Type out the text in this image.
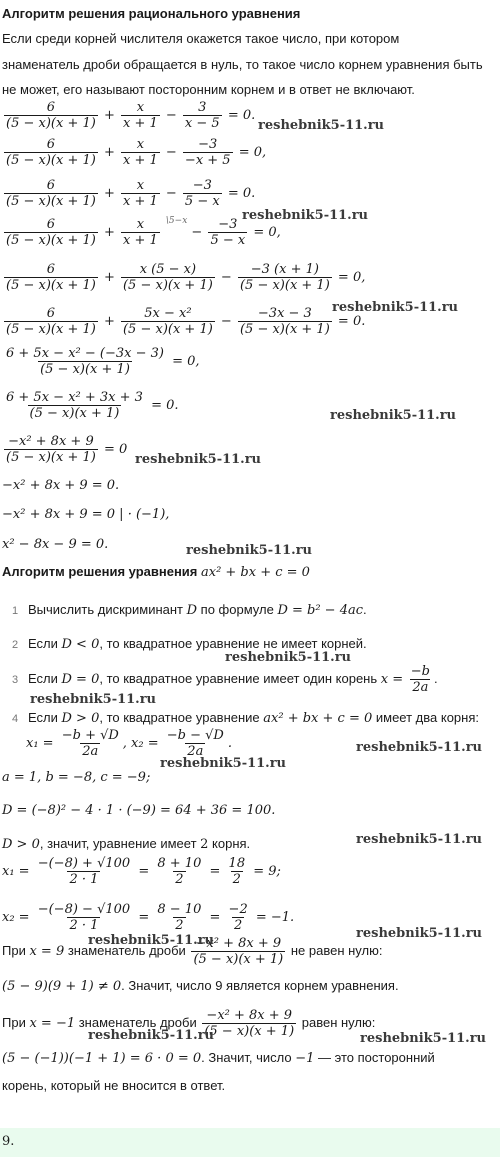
Алгоритм решения рационального уравнения
Если среди корней числителя окажется такое число, при котором
знаменатель дроби обращается в нуль, то такое число корнем уравнения быть
не может, его называют посторонним корнем и в ответ не включают.
$\frac{6}{(5 - x)(x + 1)} + \frac{x}{x + 1} - \frac{3}{x - 5} = 0$.
$\frac{6}{(5 - x)(x + 1)} + \frac{x}{x + 1} - \frac{-3}{-x + 5} = 0$,
$\frac{6}{(5 - x)(x + 1)} + \frac{x}{x + 1} - \frac{-3}{5 - x} = 0$.
$\frac{6}{(5 - x)(x + 1)} + \frac{x}{x + 1} ^{\backslash 5-x} - \frac{-3}{5 - x} = 0$,
$\frac{6}{(5 - x)(x + 1)} + \frac{x (5 - x)}{(5 - x)(x + 1)} - \frac{-3 (x + 1)}{(5 - x)(x + 1)} = 0$,
$\frac{6}{(5 - x)(x + 1)} + \frac{\text{5x − x²}}{(5 - x)(x + 1)} - \frac{-3x - 3}{(5 - x)(x + 1)} = 0$.
$\frac{\text{6 + 5x − x² − (−3x − 3)}}{(5 - x)(x + 1)} = 0$,
$\frac{\text{6 + 5x − x² + 3x + 3}}{(5 - x)(x + 1)} = 0$.
$\frac{\text{−x² + 8x + 9}}{(5 - x)(x + 1)} = 0$
−x² + 8x + 9 = 0.
−x² + 8x + 9 = 0 | · (−1),
x² − 8x − 9 = 0.
Алгоритм решения уравнения ax² + bx + c = 0
1 Вычислить дискриминант D по формуле D = b² − 4ac.
2 Если D < 0, то квадратное уравнение не имеет корней.
3 Если D = 0, то квадратное уравнение имеет один корень $x = \frac{-b}{2a}$ .
4 Если D > 0, то квадратное уравнение ax² + bx + c = 0 имеет два корня:
$x_1 = \frac{-b + √D}{2a}$ , $x_2 = \frac{-b - √D}{2a}$ .
a = 1, b = −8, c = −9;
D = (−8)² − 4 · 1 · (−9) = 64 + 36 = 100.
D > 0, значит, уравнение имеет 2 корня.
$x_1 = \frac{-(-8) + √100}{2 \cdot 1} = \frac{8 + 10}{2} = \frac{18}{2} = 9$;
$x_2 = \frac{-(-8) - √100}{2 \cdot 1} = \frac{8 - 10}{2} = \frac{-2}{2} = -1$.
При x = 9 знаменатель дроби $\frac{\text{−x² + 8x + 9}}{(5 - x)(x + 1)}$ не равен нулю:
(5 − 9)(9 + 1) ≠ 0. Значит, число 9 является корнем уравнения.
При x = −1 знаменатель дроби $\frac{\text{−x² + 8x + 9}}{(5 - x)(x + 1)}$ равен нулю:
(5 − (−1))(−1 + 1) = 6 · 0 = 0. Значит, число −1 — это посторонний
корень, который не вносится в ответ.
9.
reshebnik5-11.ru
reshebnik5-11.ru
reshebnik5-11.ru
reshebnik5-11.ru
reshebnik5-11.ru
reshebnik5-11.ru
reshebnik5-11.ru
reshebnik5-11.ru
reshebnik5-11.ru
reshebnik5-11.ru
reshebnik5-11.ru
reshebnik5-11.ru
reshebnik5-11.ru
reshebnik5-11.ru	reshebnik5-11.ru
